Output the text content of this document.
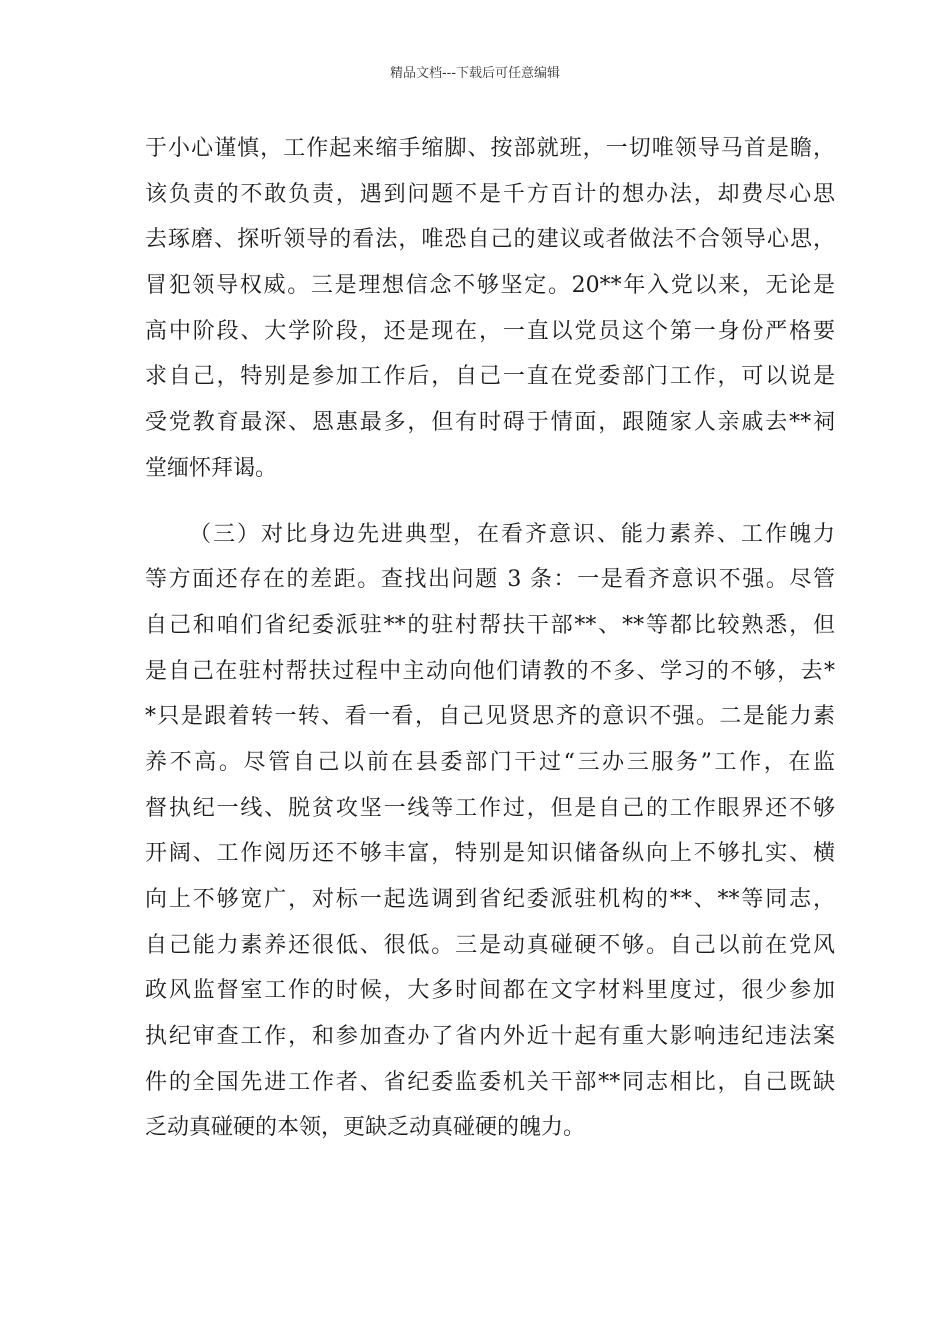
精品文档---下载后可任意编辑
于小心谨慎，工作起来缩手缩脚、按部就班，一切唯领导马首是瞻，
该负责的不敢负责，遇到问题不是千方百计的想办法，却费尽心思
去琢磨、探听领导的看法，唯恐自己的建议或者做法不合领导心思，
冒犯领导权威。三是理想信念不够坚定。20**年入党以来，无论是
高中阶段、大学阶段，还是现在，一直以党员这个第一身份严格要
求自己，特别是参加工作后，自己一直在党委部门工作，可以说是
受党教育最深、恩惠最多，但有时碍于情面，跟随家人亲戚去**祠
堂缅怀拜谒。
（三）对比身边先进典型，在看齐意识、能力素养、工作魄力
等方面还存在的差距。查找出问题 3 条：一是看齐意识不强。尽管
自己和咱们省纪委派驻**的驻村帮扶干部**、**等都比较熟悉，但
是自己在驻村帮扶过程中主动向他们请教的不多、学习的不够，去*
*只是跟着转一转、看一看，自己见贤思齐的意识不强。二是能力素
养不高。尽管自己以前在县委部门干过“三办三服务”工作，在监
督执纪一线、脱贫攻坚一线等工作过，但是自己的工作眼界还不够
开阔、工作阅历还不够丰富，特别是知识储备纵向上不够扎实、横
向上不够宽广，对标一起选调到省纪委派驻机构的**、**等同志，
自己能力素养还很低、很低。三是动真碰硬不够。自己以前在党风
政风监督室工作的时候，大多时间都在文字材料里度过，很少参加
执纪审查工作，和参加查办了省内外近十起有重大影响违纪违法案
件的全国先进工作者、省纪委监委机关干部**同志相比，自己既缺
乏动真碰硬的本领，更缺乏动真碰硬的魄力。
